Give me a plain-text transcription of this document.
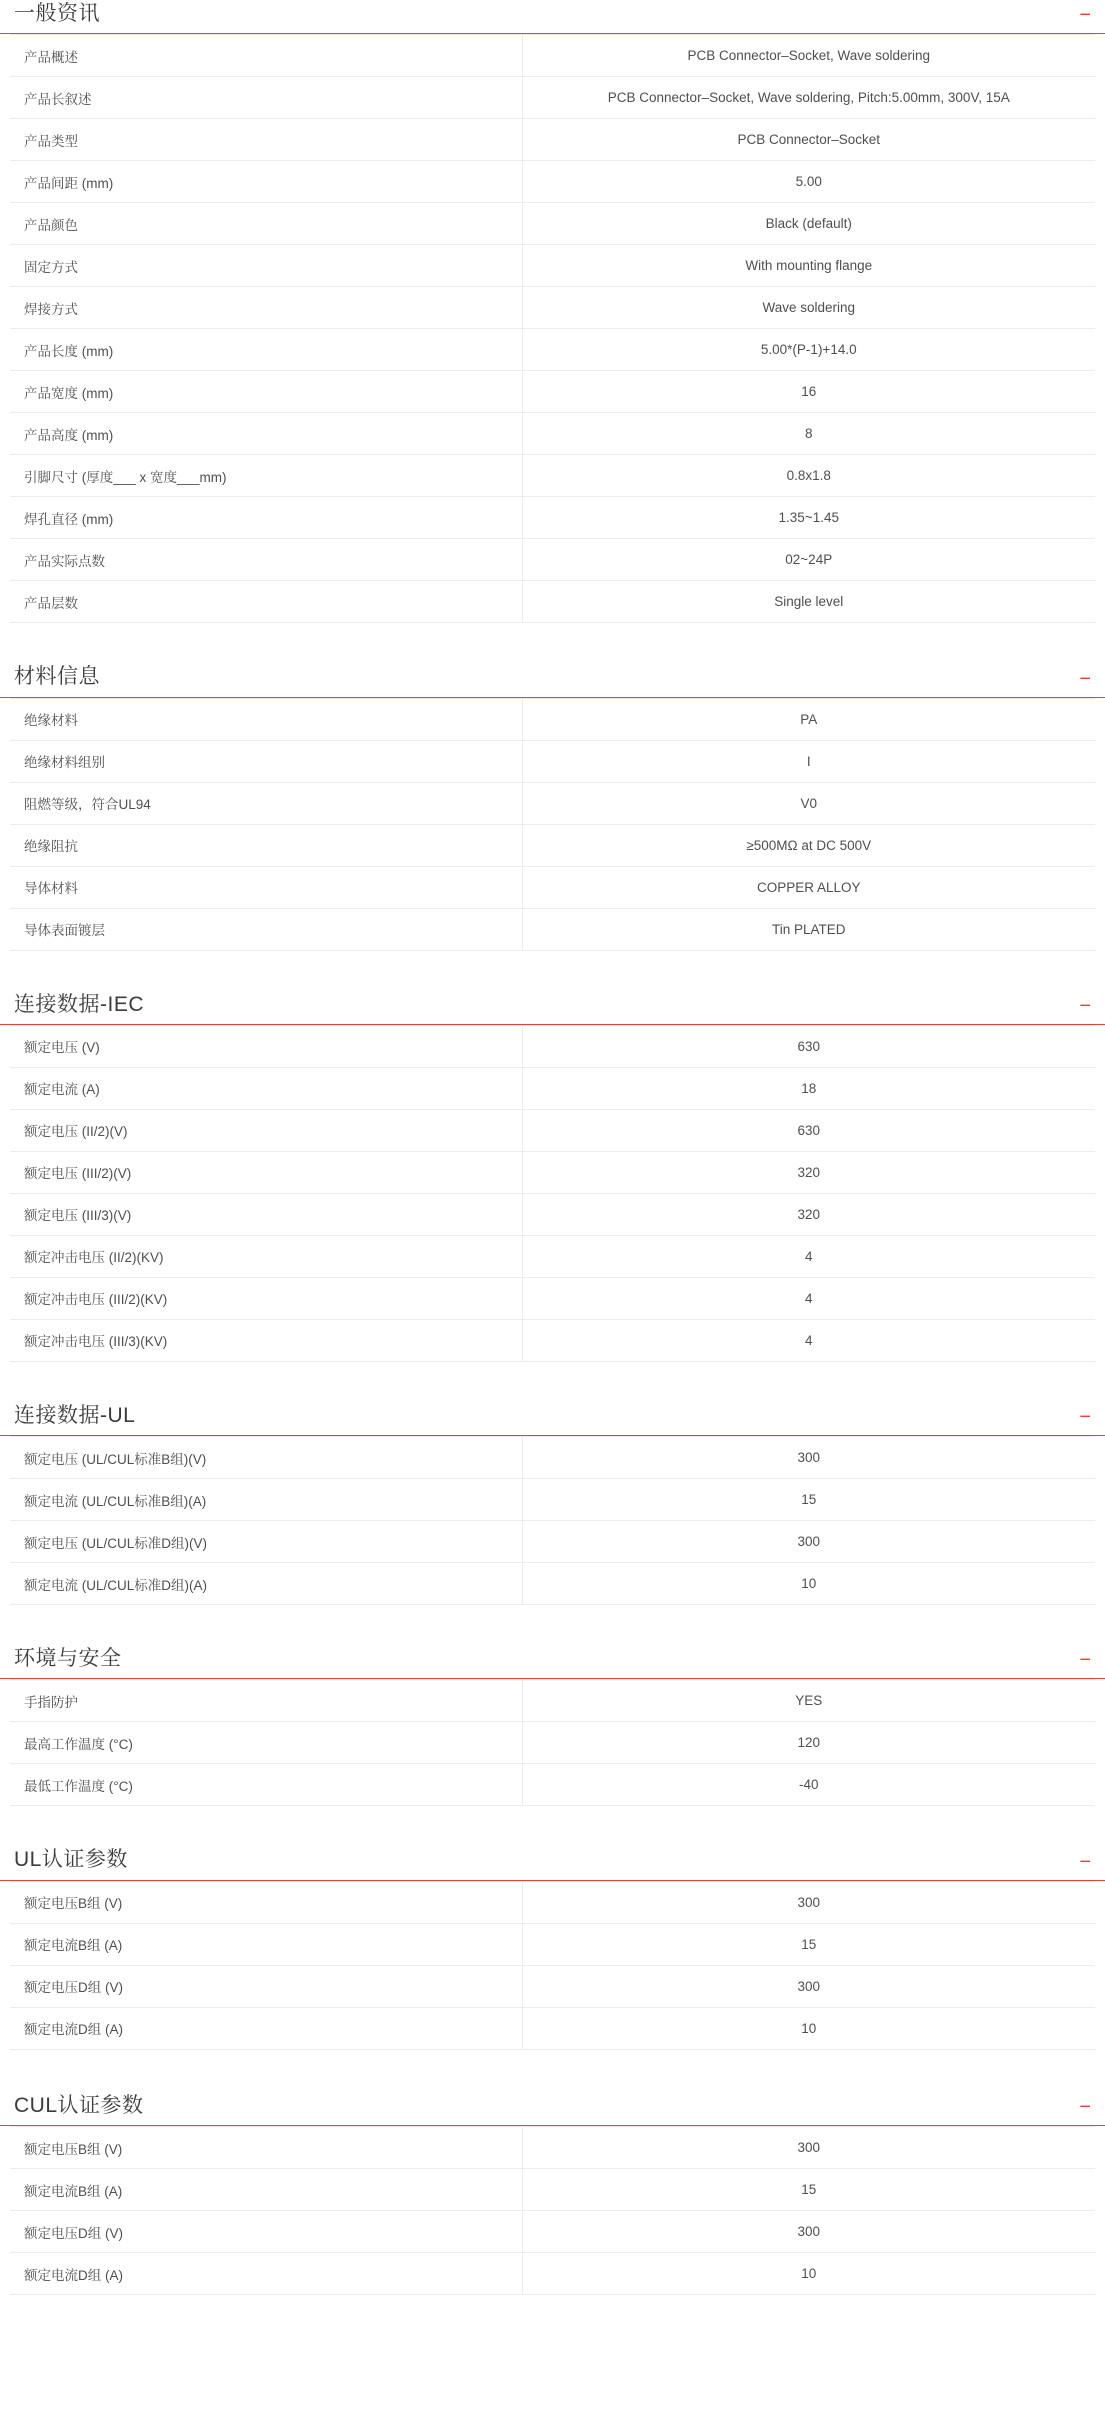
一般资讯	−
产品概述	PCB Connector–Socket, Wave soldering
产品长叙述	PCB Connector–Socket, Wave soldering, Pitch:5.00mm, 300V, 15A
产品类型	PCB Connector–Socket
产品间距 (mm)	5.00
产品颜色	Black (default)
固定方式	With mounting flange
焊接方式	Wave soldering
产品长度 (mm)	5.00*(P-1)+14.0
产品宽度 (mm)	16
产品高度 (mm)	8
引脚尺寸 (厚度___ x 宽度___mm)	0.8x1.8
焊孔直径 (mm)	1.35~1.45
产品实际点数	02~24P
产品层数	Single level
材料信息	−
绝缘材料	PA
绝缘材料组别	I
阻燃等级，符合UL94	V0
绝缘阻抗	≥500MΩ at DC 500V
导体材料	COPPER ALLOY
导体表面镀层	Tin PLATED
连接数据-IEC	−
额定电压 (V)	630
额定电流 (A)	18
额定电压 (II/2)(V)	630
额定电压 (III/2)(V)	320
额定电压 (III/3)(V)	320
额定冲击电压 (II/2)(KV)	4
额定冲击电压 (III/2)(KV)	4
额定冲击电压 (III/3)(KV)	4
连接数据-UL	−
额定电压 (UL/CUL标准B组)(V)	300
额定电流 (UL/CUL标准B组)(A)	15
额定电压 (UL/CUL标准D组)(V)	300
额定电流 (UL/CUL标准D组)(A)	10
环境与安全	−
手指防护	YES
最高工作温度 (°C)	120
最低工作温度 (°C)	-40
UL认证参数	−
额定电压B组 (V)	300
额定电流B组 (A)	15
额定电压D组 (V)	300
额定电流D组 (A)	10
CUL认证参数	−
额定电压B组 (V)	300
额定电流B组 (A)	15
额定电压D组 (V)	300
额定电流D组 (A)	10
